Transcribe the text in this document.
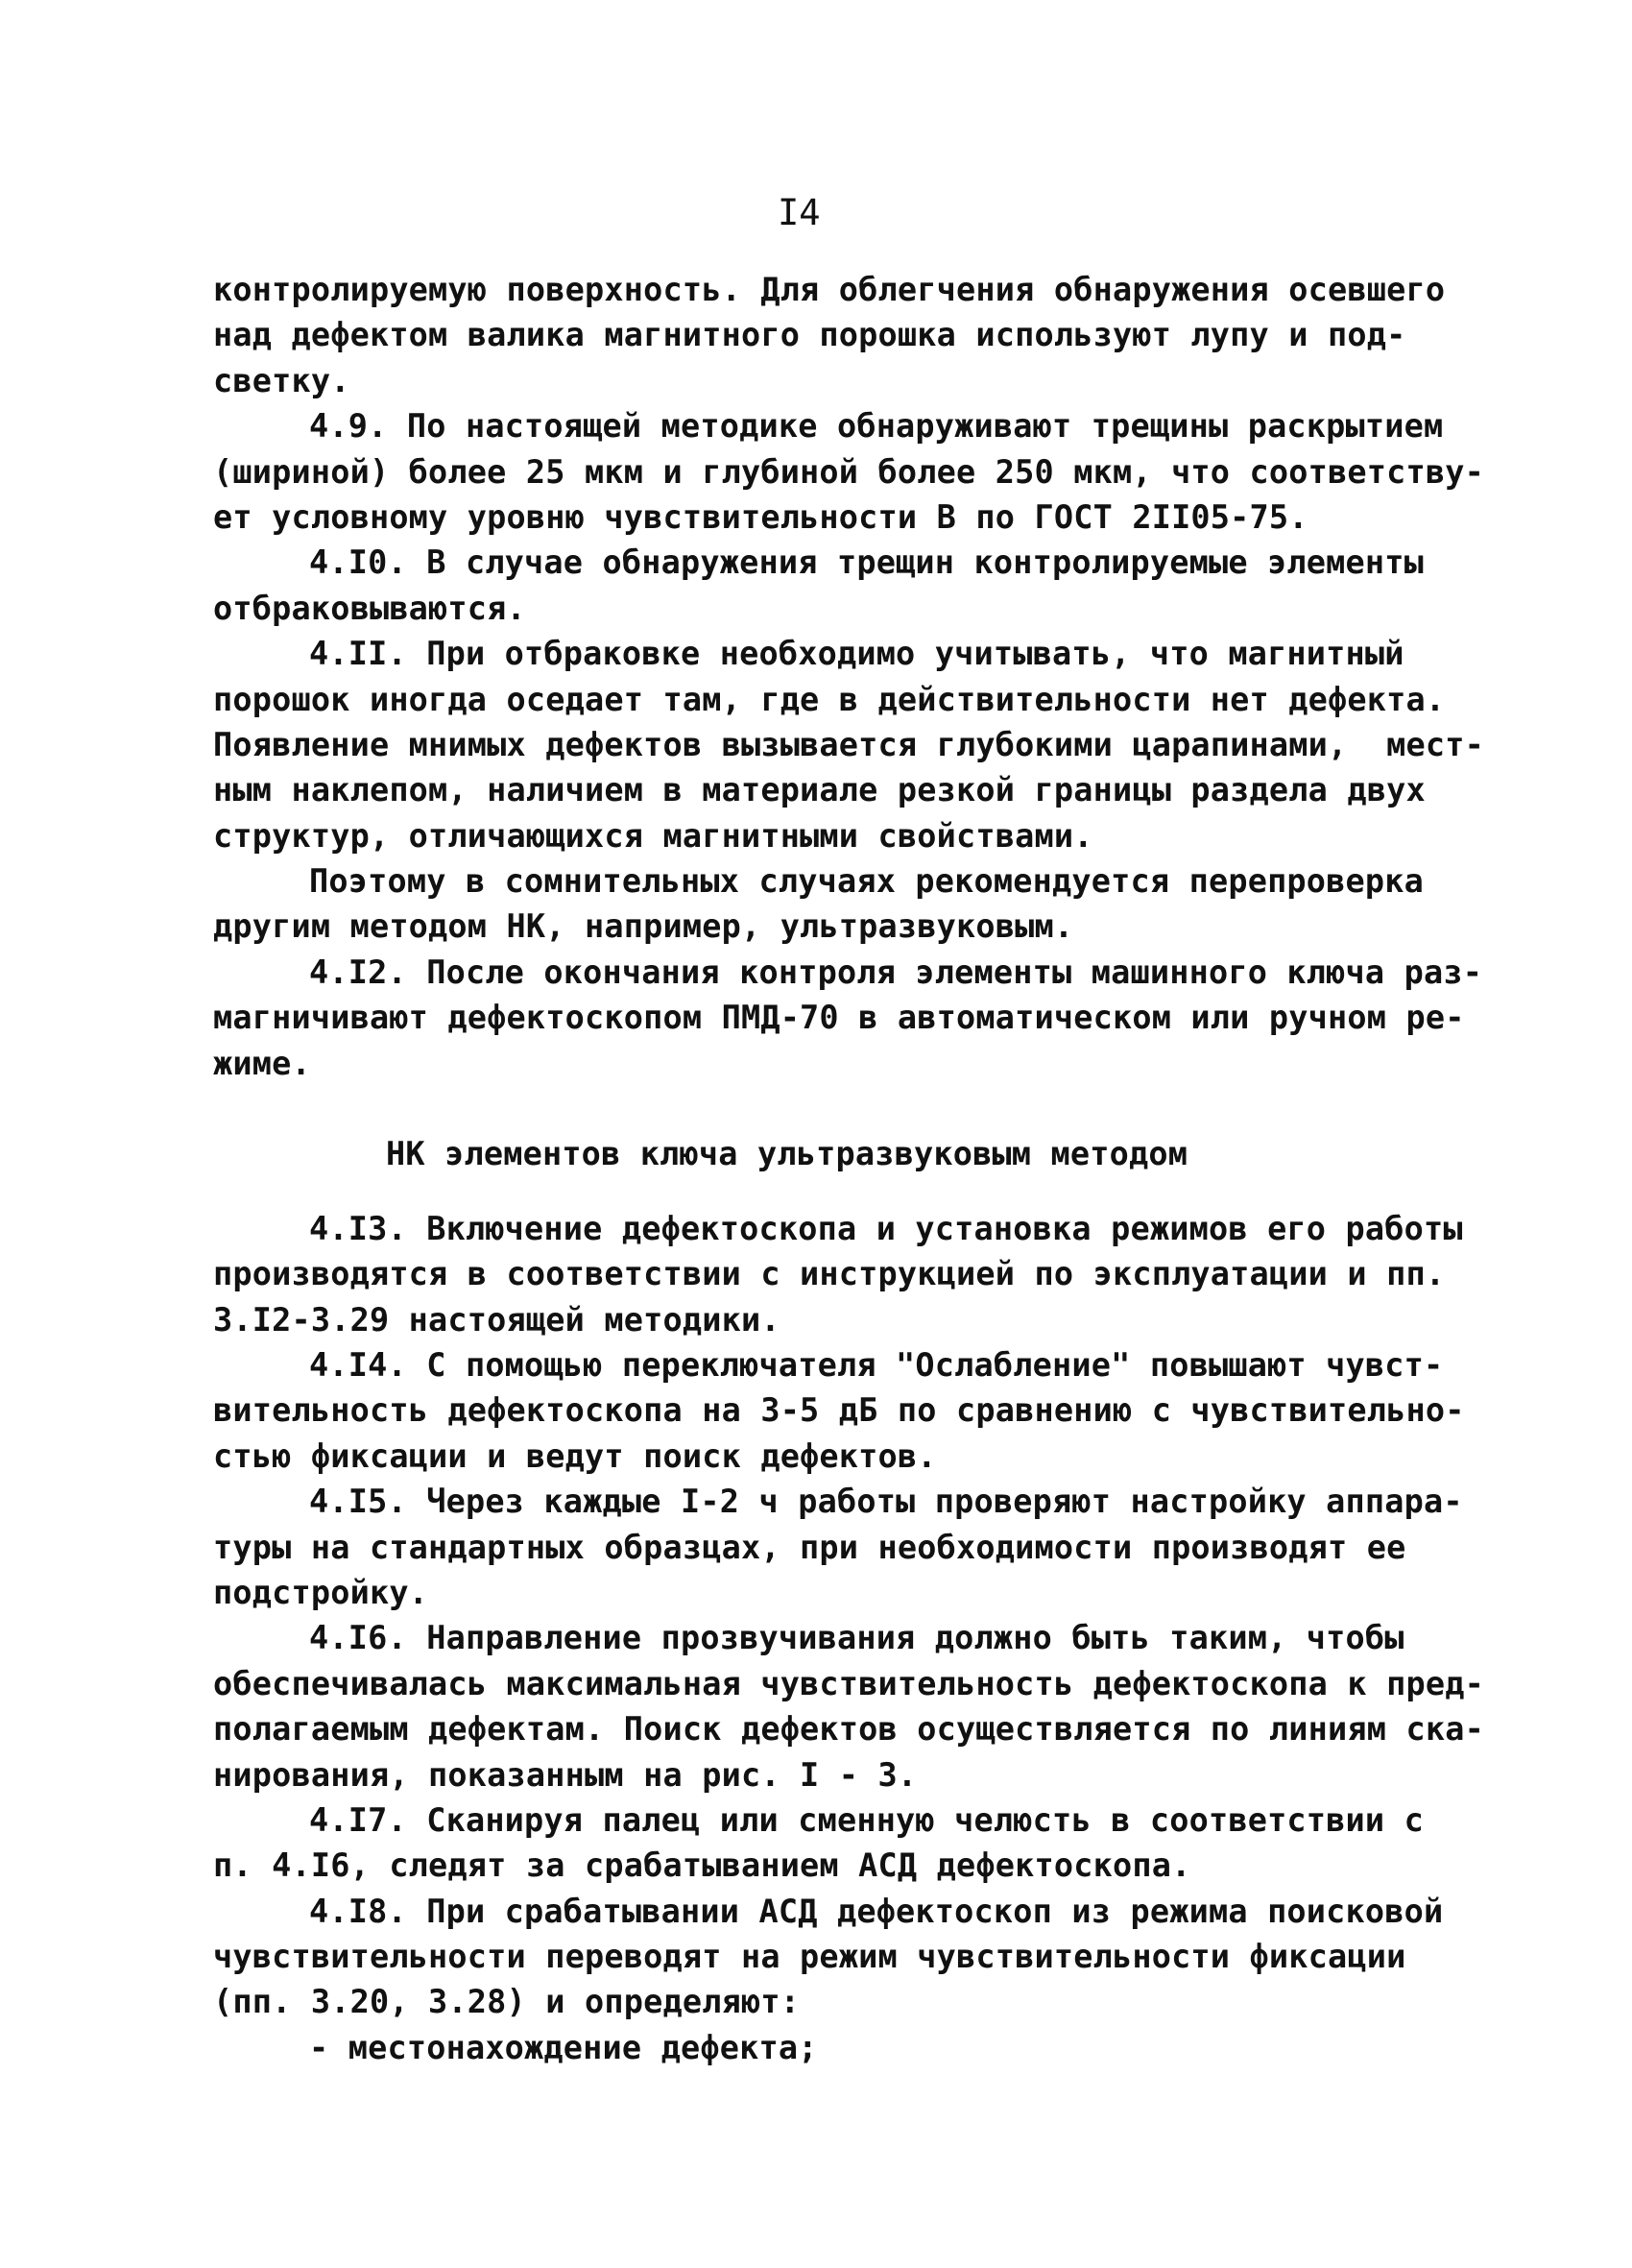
I4
контролируемую поверхность. Для облегчения обнаружения осевшего
над дефектом валика магнитного порошка используют лупу и под-
светку.
4.9. По настоящей методике обнаруживают трещины раскрытием
(шириной) более 25 мкм и глубиной более 250 мкм, что соответству-
ет условному уровню чувствительности В по ГОСТ 2II05-75.
4.I0. В случае обнаружения трещин контролируемые элементы
отбраковываются.
4.II. При отбраковке необходимо учитывать, что магнитный
порошок иногда оседает там, где в действительности нет дефекта.
Появление мнимых дефектов вызывается глубокими царапинами,  мест-
ным наклепом, наличием в материале резкой границы раздела двух
структур, отличающихся магнитными свойствами.
Поэтому в сомнительных случаях рекомендуется перепроверка
другим методом НК, например, ультразвуковым.
4.I2. После окончания контроля элементы машинного ключа раз-
магничивают дефектоскопом ПМД-70 в автоматическом или ручном ре-
жиме.
НК элементов ключа ультразвуковым методом
4.I3. Включение дефектоскопа и установка режимов его работы
производятся в соответствии с инструкцией по эксплуатации и пп.
3.I2-3.29 настоящей методики.
4.I4. С помощью переключателя "Ослабление" повышают чувст-
вительность дефектоскопа на 3-5 дБ по сравнению с чувствительно-
стью фиксации и ведут поиск дефектов.
4.I5. Через каждые I-2 ч работы проверяют настройку аппара-
туры на стандартных образцах, при необходимости производят ее
подстройку.
4.I6. Направление прозвучивания должно быть таким, чтобы
обеспечивалась максимальная чувствительность дефектоскопа к пред-
полагаемым дефектам. Поиск дефектов осуществляется по линиям ска-
нирования, показанным на рис. I - 3.
4.I7. Сканируя палец или сменную челюсть в соответствии с
п. 4.I6, следят за срабатыванием АСД дефектоскопа.
4.I8. При срабатывании АСД дефектоскоп из режима поисковой
чувствительности переводят на режим чувствительности фиксации
(пп. 3.20, 3.28) и определяют:
- местонахождение дефекта;
